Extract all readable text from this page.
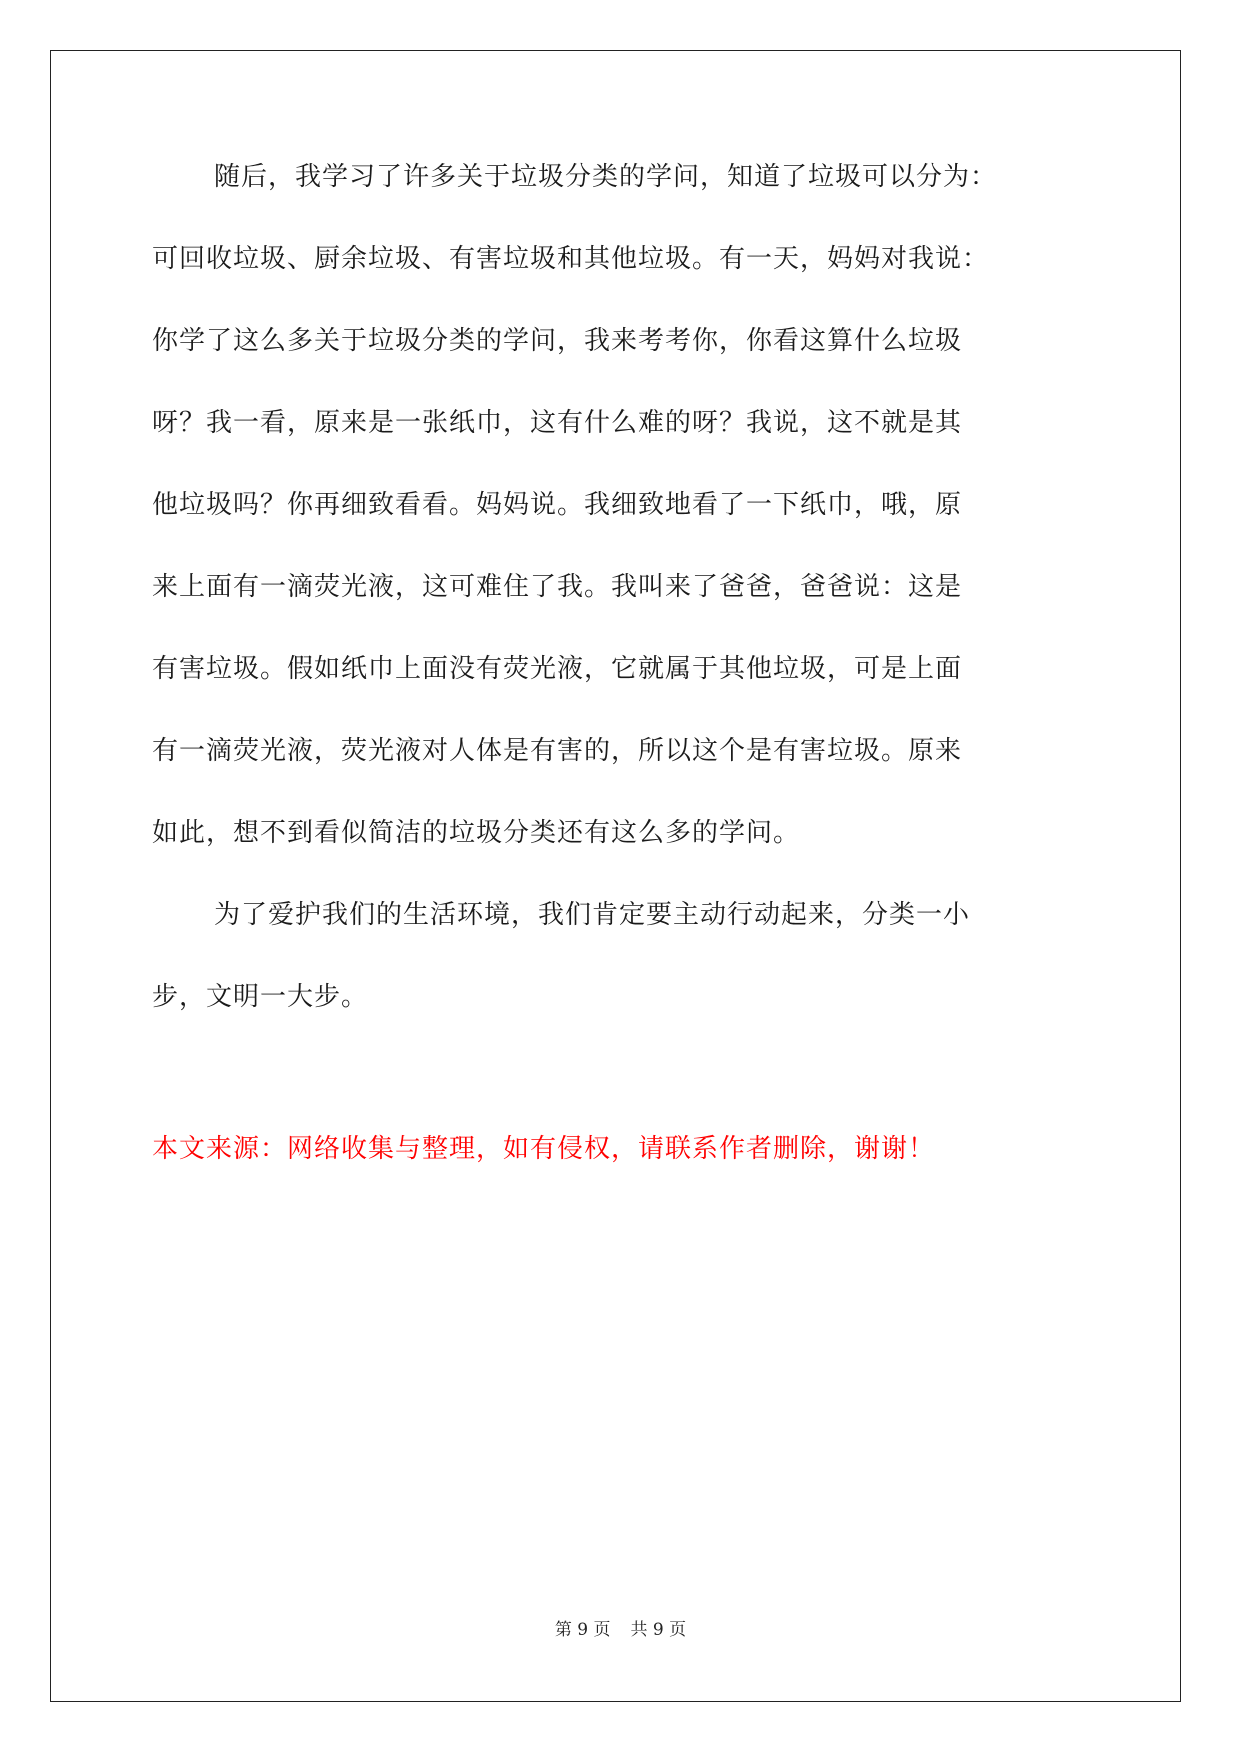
随后，我学习了许多关于垃圾分类的学问，知道了垃圾可以分为：
可回收垃圾、厨余垃圾、有害垃圾和其他垃圾。有一天，妈妈对我说：
你学了这么多关于垃圾分类的学问，我来考考你，你看这算什么垃圾
呀？我一看，原来是一张纸巾，这有什么难的呀？我说，这不就是其
他垃圾吗？你再细致看看。妈妈说。我细致地看了一下纸巾，哦，原
来上面有一滴荧光液，这可难住了我。我叫来了爸爸，爸爸说：这是
有害垃圾。假如纸巾上面没有荧光液，它就属于其他垃圾，可是上面
有一滴荧光液，荧光液对人体是有害的，所以这个是有害垃圾。原来
如此，想不到看似简洁的垃圾分类还有这么多的学问。
为了爱护我们的生活环境，我们肯定要主动行动起来，分类一小
步，文明一大步。
本文来源：网络收集与整理，如有侵权，请联系作者删除，谢谢！
第 9 页 共 9 页
